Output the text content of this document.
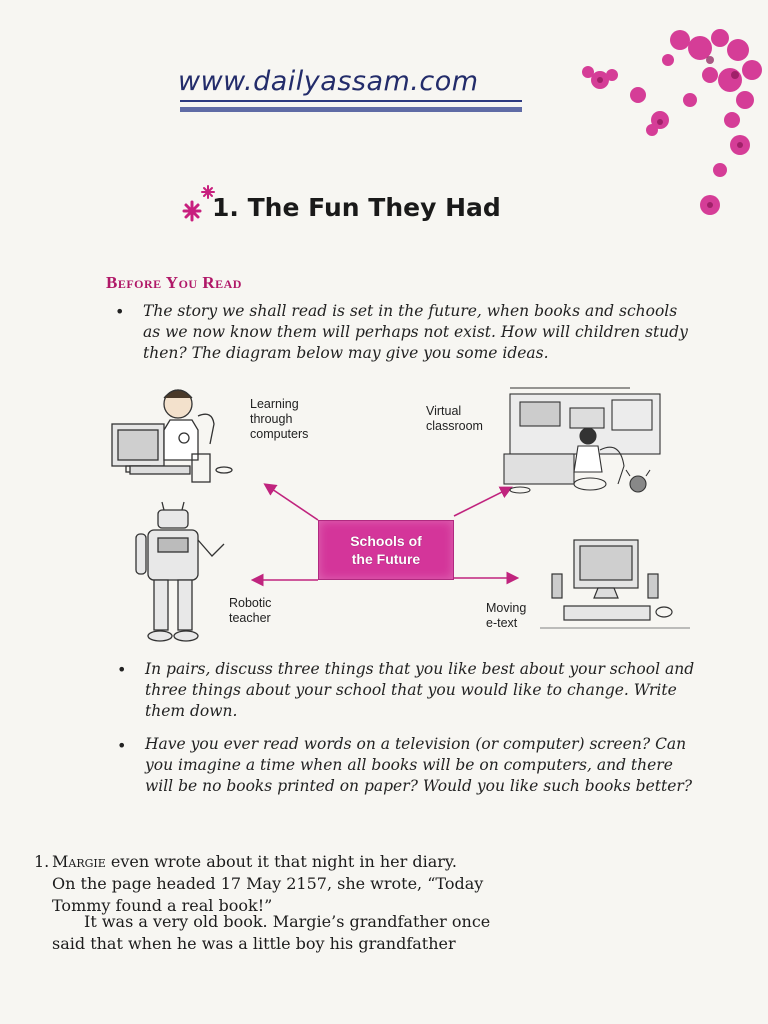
www.dailyassam.com
1. The Fun They Had
Before You Read
• The story we shall read is set in the future, when books and schools as we now know them will perhaps not exist. How will children study then? The diagram below may give you some ideas.
Schools of
the Future
Learning
through
computers
Virtual
classroom
Robotic
teacher
Moving
e-text
• In pairs, discuss three things that you like best about your school and three things about your school that you would like to change. Write them down.
• Have you ever read words on a television (or computer) screen? Can you imagine a time when all books will be on computers, and there will be no books printed on paper? Would you like such books better?
1. Margie even wrote about it that night in her diary.
On the page headed 17 May 2157, she wrote, “Today
Tommy found a real book!”
It was a very old book. Margie’s grandfather once
said that when he was a little boy his grandfather
